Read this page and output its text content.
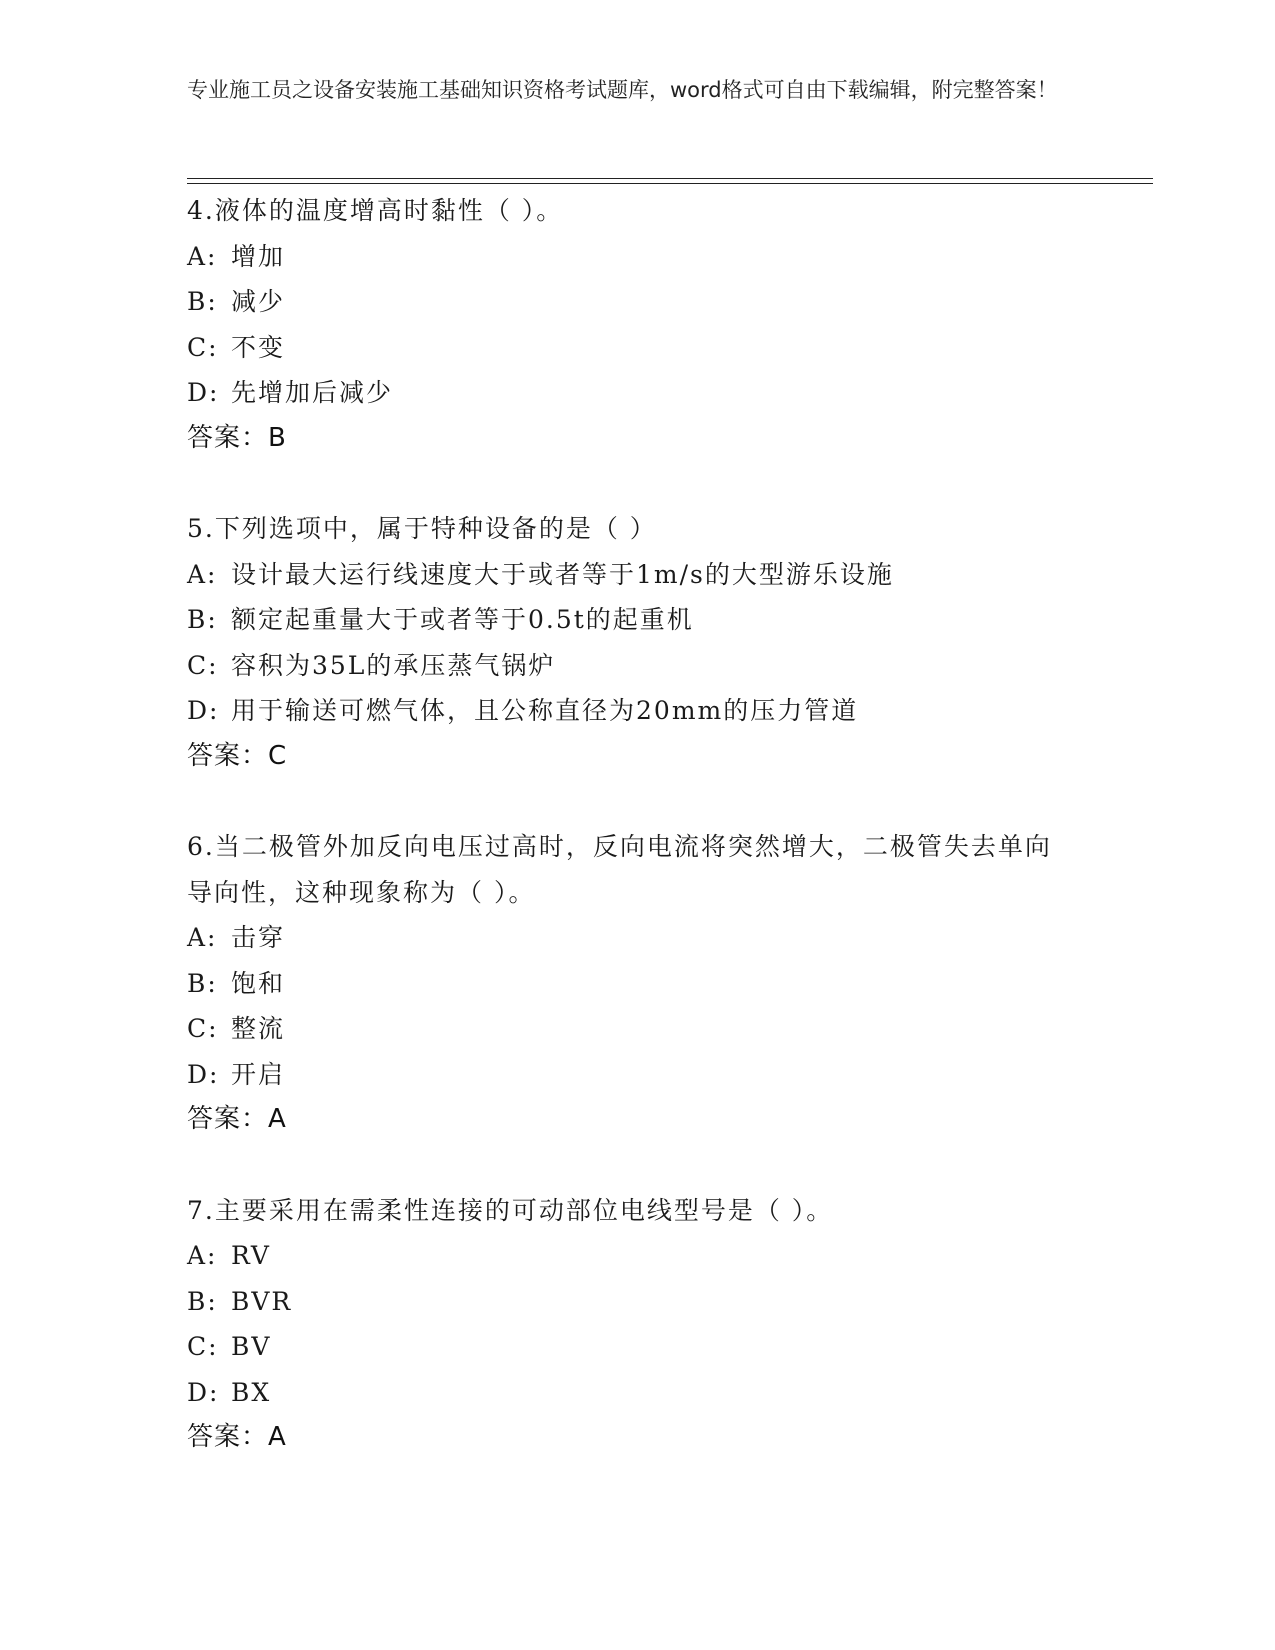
专业施工员之设备安装施工基础知识资格考试题库，word格式可自由下载编辑，附完整答案！
4.液体的温度增高时黏性（ ）。
A: 增加
B: 减少
C: 不变
D: 先增加后减少
答案：B
5.下列选项中，属于特种设备的是（ ）
A: 设计最大运行线速度大于或者等于1m/s的大型游乐设施
B: 额定起重量大于或者等于0.5t的起重机
C: 容积为35L的承压蒸气锅炉
D: 用于输送可燃气体，且公称直径为20mm的压力管道
答案：C
6.当二极管外加反向电压过高时，反向电流将突然增大，二极管失去单向导向性，这种现象称为（ ）。
A: 击穿
B: 饱和
C: 整流
D: 开启
答案：A
7.主要采用在需柔性连接的可动部位电线型号是（ ）。
A: RV
B: BVR
C: BV
D: BX
答案：A
